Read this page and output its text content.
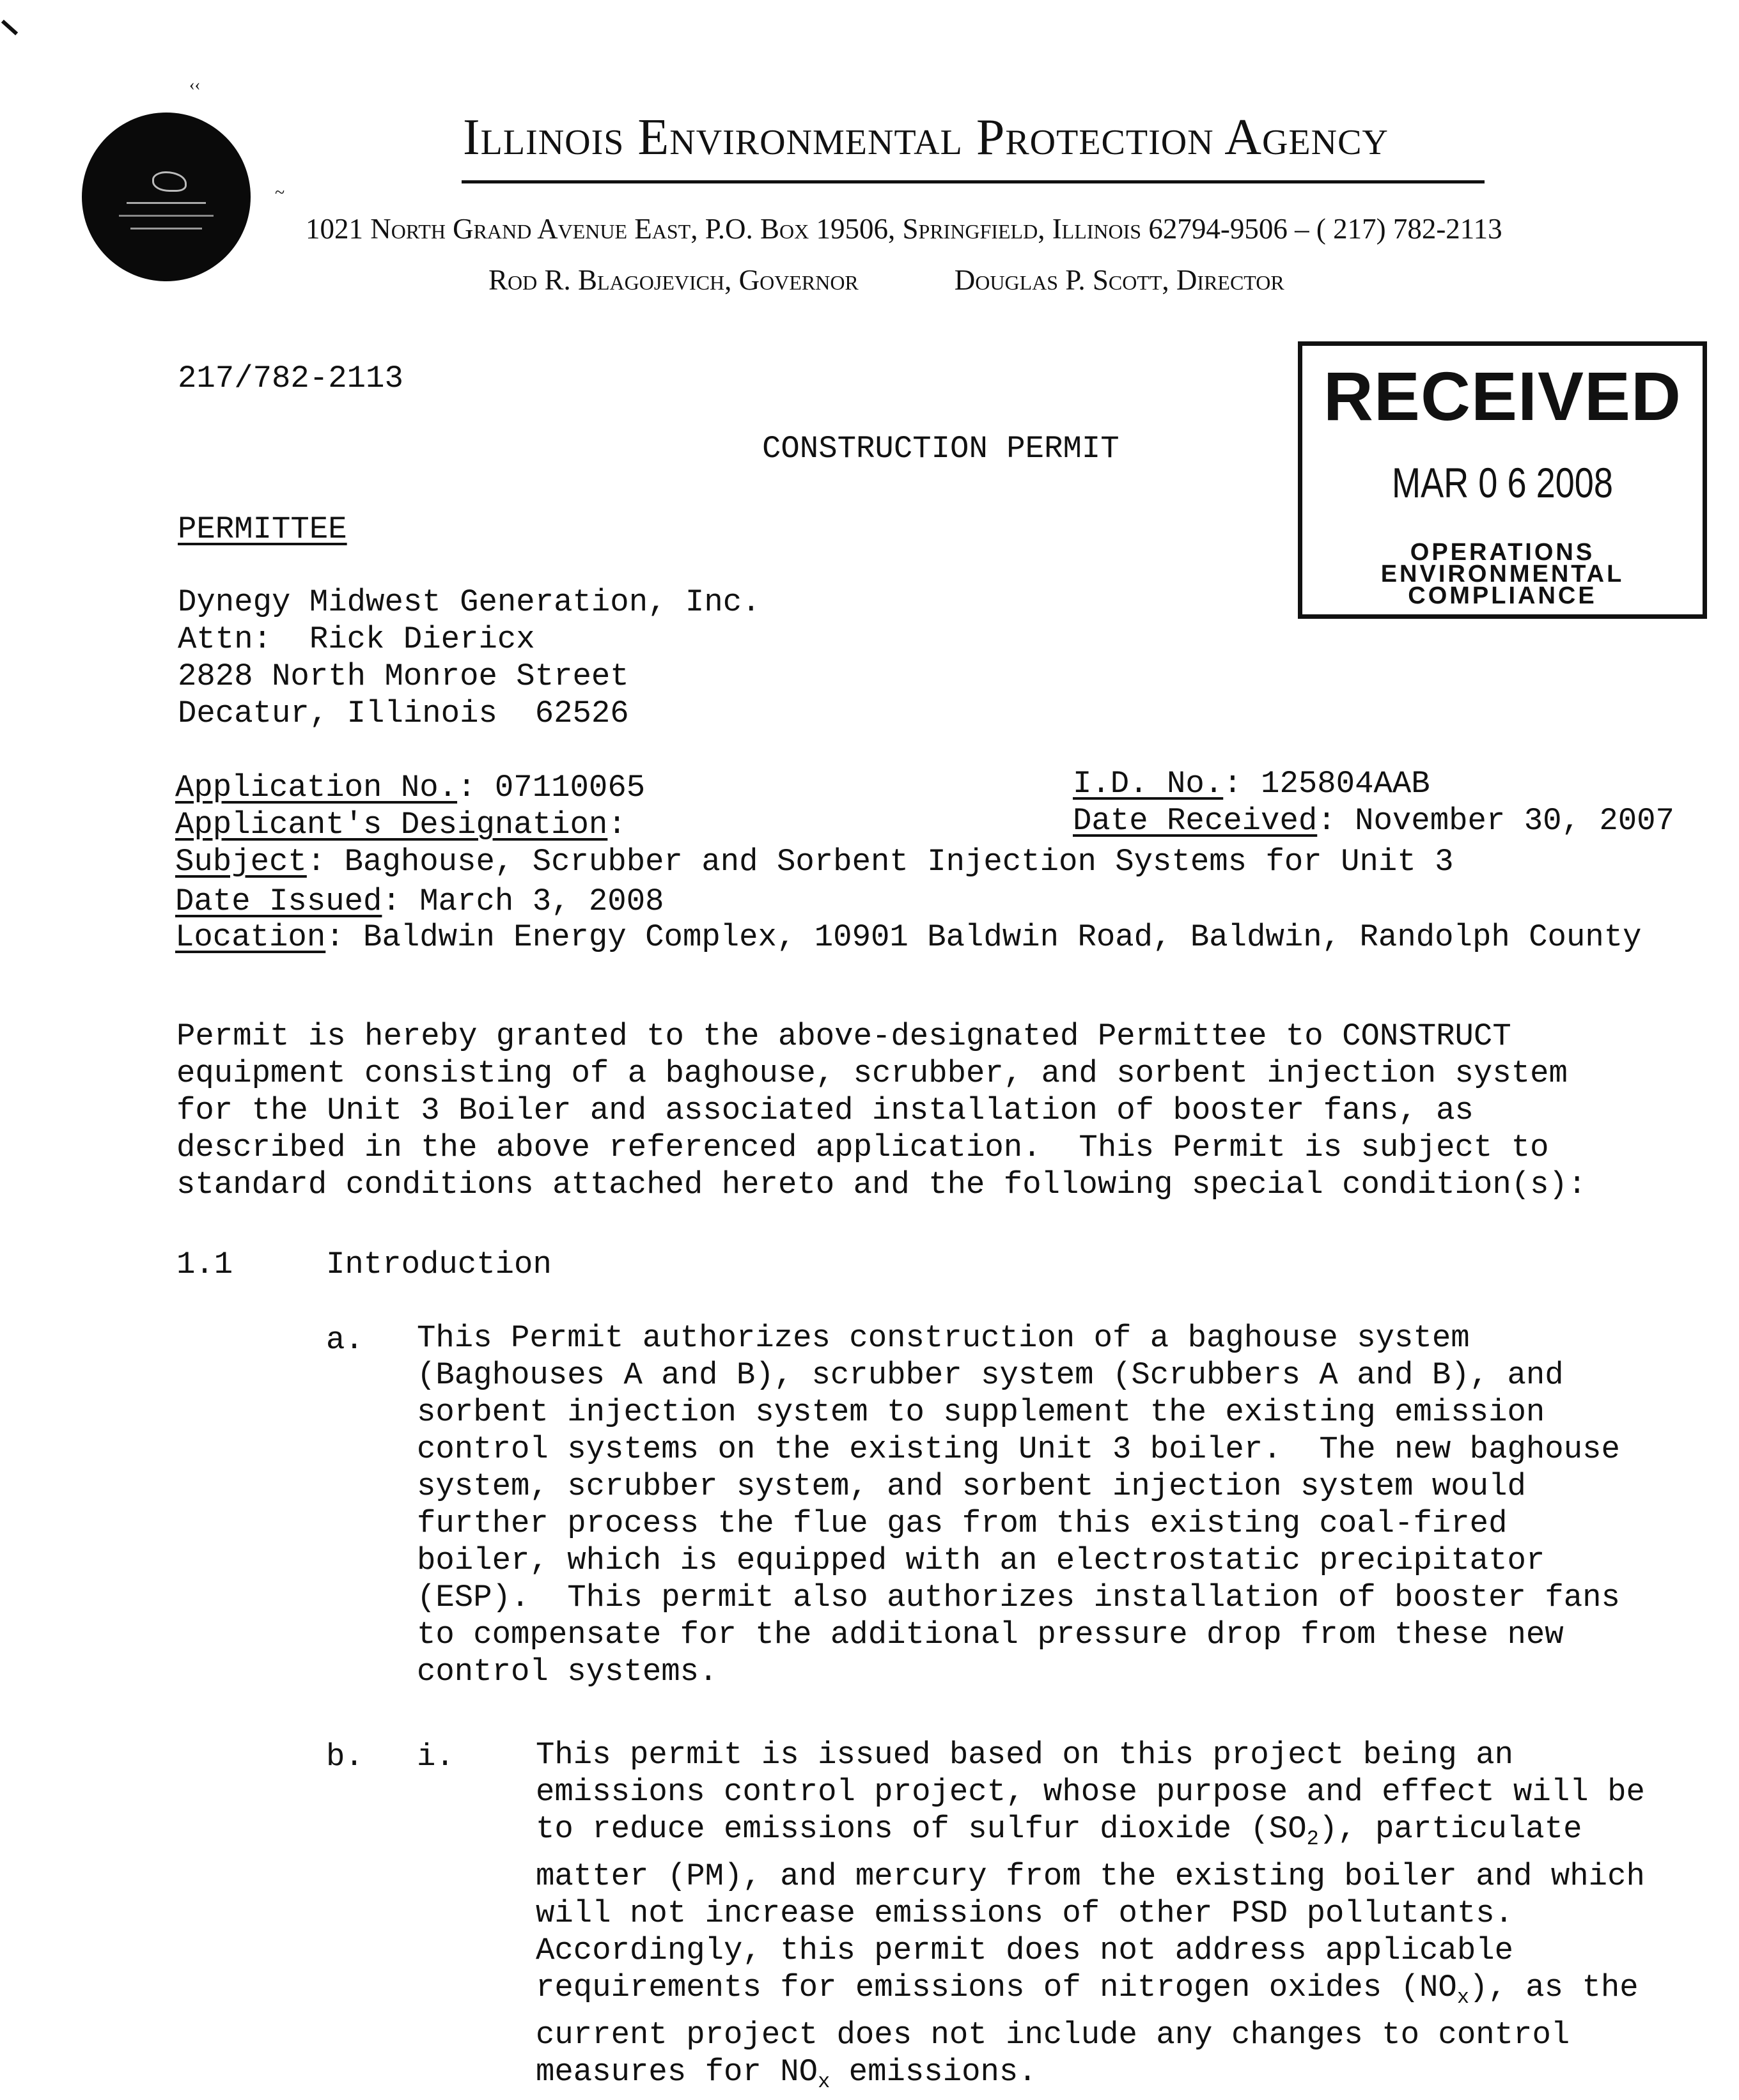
‹‹
~
Illinois Environmental Protection Agency
1021 North Grand Avenue East, P.O. Box 19506, Springfield, Illinois 62794-9506 – ( 217) 782-2113
Rod R. Blagojevich, Governor	Douglas P. Scott, Director
RECEIVED
MAR 0 6 2008
OPERATIONS
ENVIRONMENTAL
COMPLIANCE
217/782-2113
CONSTRUCTION PERMIT
PERMITTEE
Dynegy Midwest Generation, Inc.
Attn:  Rick Diericx
2828 North Monroe Street
Decatur, Illinois  62526
Application No.: 07110065	I.D. No.: 125804AAB
Applicant's Designation:	Date Received: November 30, 2007
Subject: Baghouse, Scrubber and Sorbent Injection Systems for Unit 3
Date Issued: March 3, 2008
Location: Baldwin Energy Complex, 10901 Baldwin Road, Baldwin, Randolph County
Permit is hereby granted to the above-designated Permittee to CONSTRUCT
equipment consisting of a baghouse, scrubber, and sorbent injection system
for the Unit 3 Boiler and associated installation of booster fans, as
described in the above referenced application.  This Permit is subject to
standard conditions attached hereto and the following special condition(s):
1.1	Introduction
a. This Permit authorizes construction of a baghouse system
(Baghouses A and B), scrubber system (Scrubbers A and B), and
sorbent injection system to supplement the existing emission
control systems on the existing Unit 3 boiler.  The new baghouse
system, scrubber system, and sorbent injection system would
further process the flue gas from this existing coal-fired
boiler, which is equipped with an electrostatic precipitator
(ESP).  This permit also authorizes installation of booster fans
to compensate for the additional pressure drop from these new
control systems.
b. i.	This permit is issued based on this project being an
emissions control project, whose purpose and effect will be
to reduce emissions of sulfur dioxide $(SO_2)$, particulate
matter (PM), and mercury from the existing boiler and which
will not increase emissions of other PSD pollutants.
Accordingly, this permit does not address applicable
requirements for emissions of nitrogen oxides $(NO_x)$, as the
current project does not include any changes to control
measures for $NO_x$ emissions.
